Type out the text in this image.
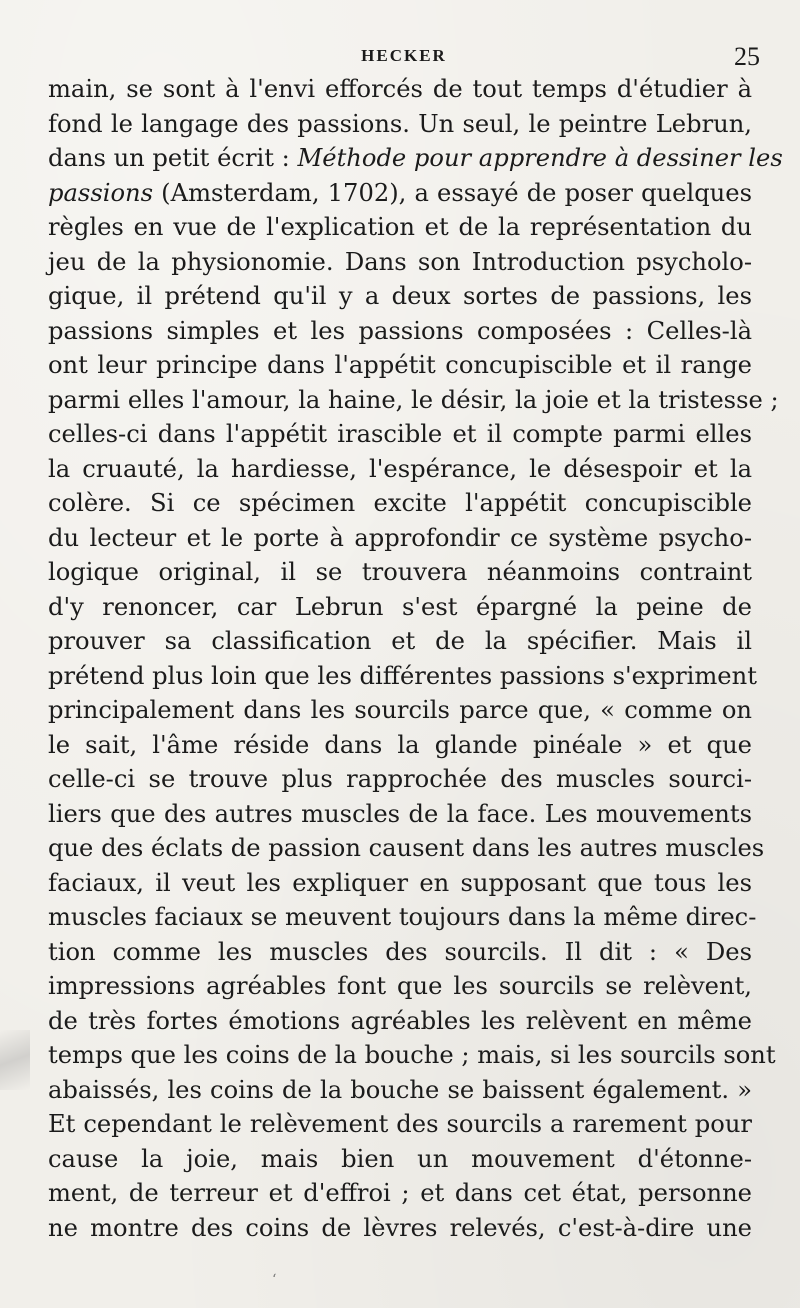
HECKER	25
main, se sont à l'envi efforcés de tout temps d'étudier à
fond le langage des passions. Un seul, le peintre Lebrun,
dans un petit écrit : Méthode pour apprendre à dessiner les
passions (Amsterdam, 1702), a essayé de poser quelques
règles en vue de l'explication et de la représentation du
jeu de la physionomie. Dans son Introduction psycholo-
gique, il prétend qu'il y a deux sortes de passions, les
passions simples et les passions composées : Celles-là
ont leur principe dans l'appétit concupiscible et il range
parmi elles l'amour, la haine, le désir, la joie et la tristesse ;
celles-ci dans l'appétit irascible et il compte parmi elles
la cruauté, la hardiesse, l'espérance, le désespoir et la
colère. Si ce spécimen excite l'appétit concupiscible
du lecteur et le porte à approfondir ce système psycho-
logique original, il se trouvera néanmoins contraint
d'y renoncer, car Lebrun s'est épargné la peine de
prouver sa classification et de la spécifier. Mais il
prétend plus loin que les différentes passions s'expriment
principalement dans les sourcils parce que, « comme on
le sait, l'âme réside dans la glande pinéale » et que
celle-ci se trouve plus rapprochée des muscles sourci-
liers que des autres muscles de la face. Les mouvements
que des éclats de passion causent dans les autres muscles
faciaux, il veut les expliquer en supposant que tous les
muscles faciaux se meuvent toujours dans la même direc-
tion comme les muscles des sourcils. Il dit : « Des
impressions agréables font que les sourcils se relèvent,
de très fortes émotions agréables les relèvent en même
temps que les coins de la bouche ; mais, si les sourcils sont
abaissés, les coins de la bouche se baissent également. »
Et cependant le relèvement des sourcils a rarement pour
cause la joie, mais bien un mouvement d'étonne-
ment, de terreur et d'effroi ; et dans cet état, personne
ne montre des coins de lèvres relevés, c'est-à-dire une
ʻ
